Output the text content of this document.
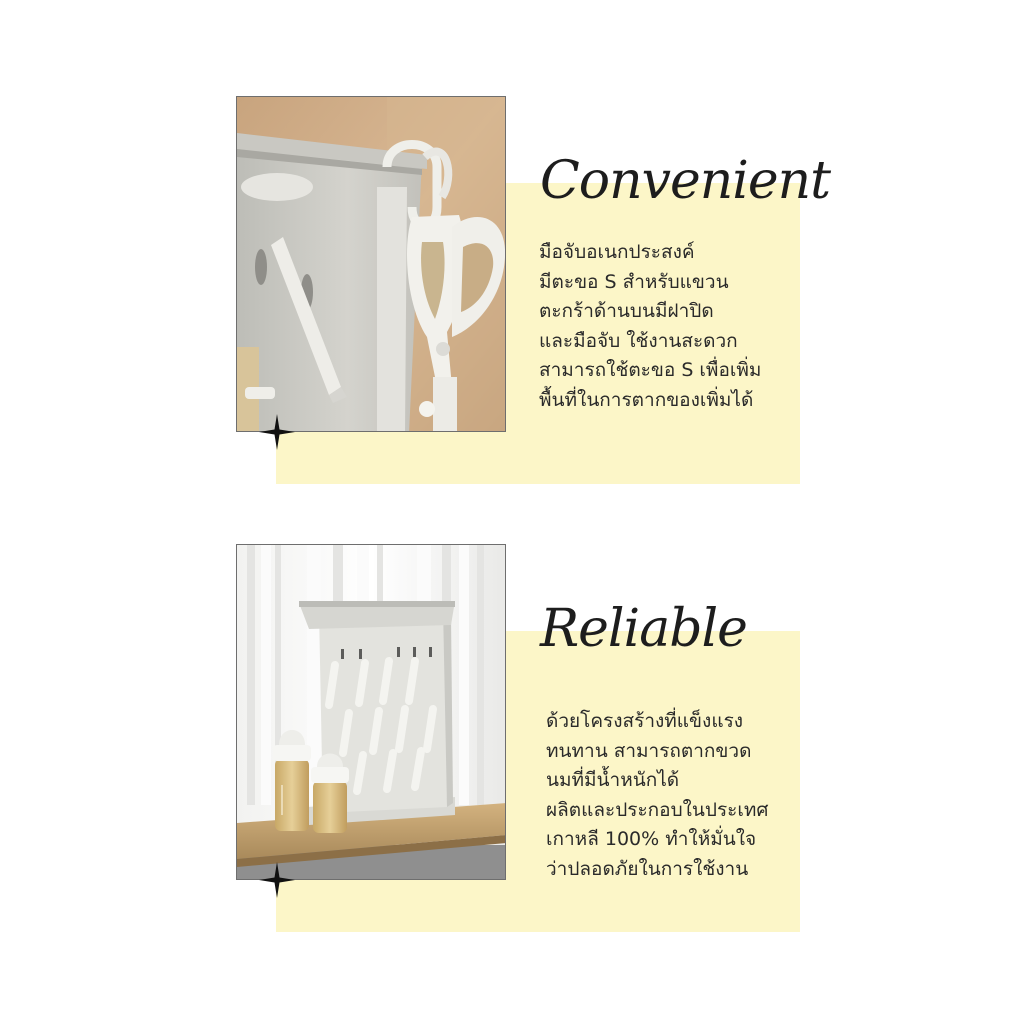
Convenient
มือจับอเนกประสงค์
มีตะขอ S สำหรับแขวน
ตะกร้าด้านบนมีฝาปิด
และมือจับ ใช้งานสะดวก
สามารถใช้ตะขอ S เพื่อเพิ่ม
พื้นที่ในการตากของเพิ่มได้
Reliable
ด้วยโครงสร้างที่แข็งแรง
ทนทาน สามารถตากขวด
นมที่มีน้ำหนักได้
ผลิตและประกอบในประเทศ
เกาหลี 100% ทำให้มั่นใจ
ว่าปลอดภัยในการใช้งาน
